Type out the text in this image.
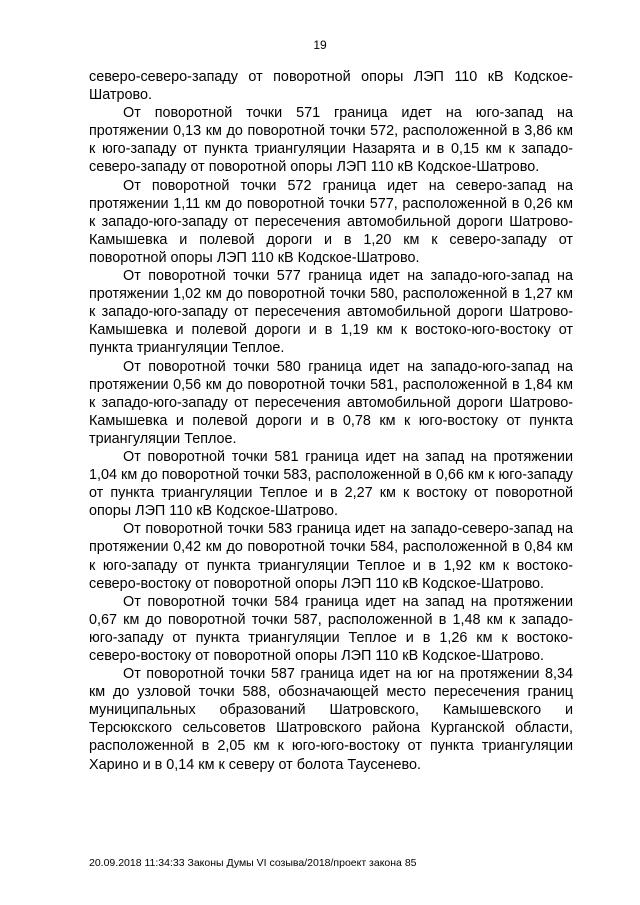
19

северо-северо-западу от поворотной опоры ЛЭП 110 кВ Кодское-Шатрово.

От поворотной точки 571 граница идет на юго-запад на протяжении 0,13 км до поворотной точки 572, расположенной в 3,86 км к юго-западу от пункта триангуляции Назарята и в 0,15 км к западо-северо-западу от поворотной опоры ЛЭП 110 кВ Кодское-Шатрово.

От поворотной точки 572 граница идет на северо-запад на протяжении 1,11 км до поворотной точки 577, расположенной в 0,26 км к западо-юго-западу от пересечения автомобильной дороги Шатрово-Камышевка и полевой дороги и в 1,20 км к северо-западу от поворотной опоры ЛЭП 110 кВ Кодское-Шатрово.

От поворотной точки 577 граница идет на западо-юго-запад на протяжении 1,02 км до поворотной точки 580, расположенной в 1,27 км к западо-юго-западу от пересечения автомобильной дороги Шатрово-Камышевка и полевой дороги и в 1,19 км к востоко-юго-востоку от пункта триангуляции Теплое.

От поворотной точки 580 граница идет на западо-юго-запад на протяжении 0,56 км до поворотной точки 581, расположенной в 1,84 км к западо-юго-западу от пересечения автомобильной дороги Шатрово-Камышевка и полевой дороги и в 0,78 км к юго-востоку от пункта триангуляции Теплое.

От поворотной точки 581 граница идет на запад на протяжении 1,04 км до поворотной точки 583, расположенной в 0,66 км к юго-западу от пункта триангуляции Теплое и в 2,27 км к востоку от поворотной опоры ЛЭП 110 кВ Кодское-Шатрово.

От поворотной точки 583 граница идет на западо-северо-запад на протяжении 0,42 км до поворотной точки 584, расположенной в 0,84 км к юго-западу от пункта триангуляции Теплое и в 1,92 км к востоко-северо-востоку от поворотной опоры ЛЭП 110 кВ Кодское-Шатрово.

От поворотной точки 584 граница идет на запад на протяжении 0,67 км до поворотной точки 587, расположенной в 1,48 км к западо-юго-западу от пункта триангуляции Теплое и в 1,26 км к востоко-северо-востоку от поворотной опоры ЛЭП 110 кВ Кодское-Шатрово.

От поворотной точки 587 граница идет на юг на протяжении 8,34 км до узловой точки 588, обозначающей место пересечения границ муниципальных образований Шатровского, Камышевского и Терсюкского сельсоветов Шатровского района Курганской области, расположенной в 2,05 км к юго-юго-востоку от пункта триангуляции Харино и в 0,14 км к северу от болота Таусенево.

20.09.2018 11:34:33 Законы Думы VI созыва/2018/проект закона 85
